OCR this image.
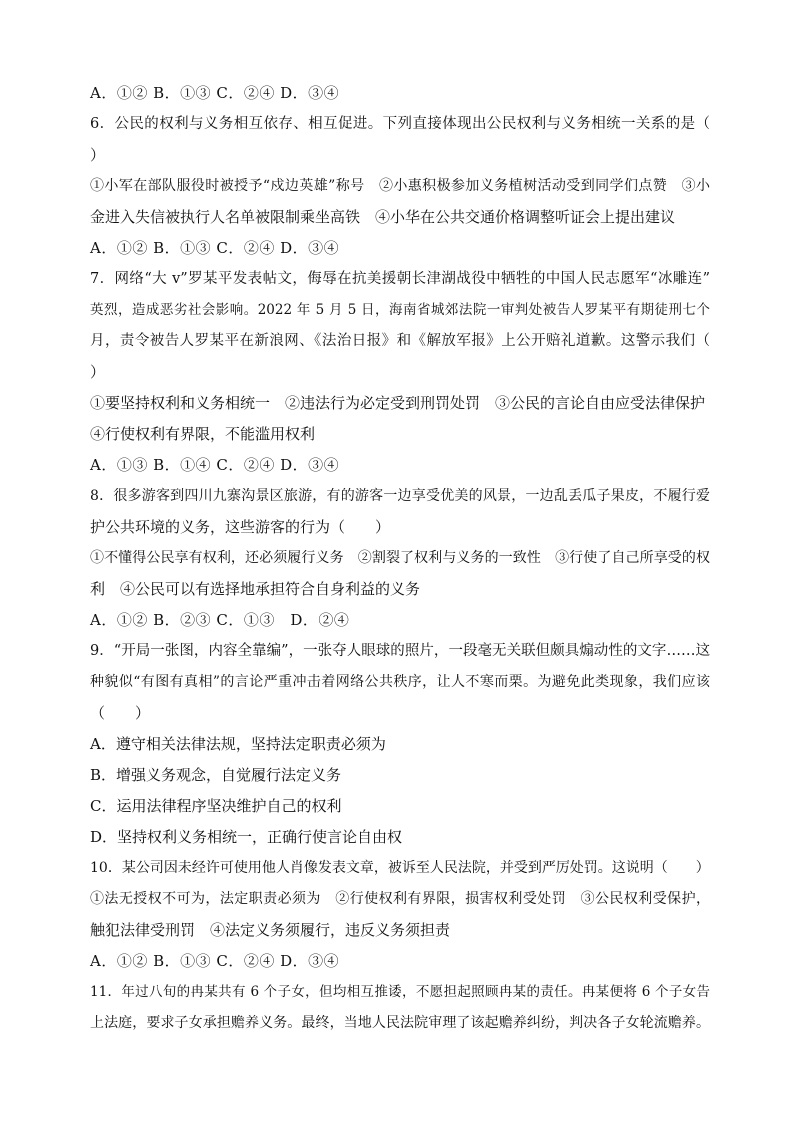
A．①② B．①③ C．②④ D．③④
6．公民的权利与义务相互依存、相互促进。下列直接体现出公民权利与义务相统一关系的是（
）
①小军在部队服役时被授予“戍边英雄”称号　②小惠积极参加义务植树活动受到同学们点赞　③小
金进入失信被执行人名单被限制乘坐高铁　④小华在公共交通价格调整听证会上提出建议
A．①② B．①③ C．②④ D．③④
7．网络“大 v”罗某平发表帖文，侮辱在抗美援朝长津湖战役中牺牲的中国人民志愿军“冰雕连”
英烈，造成恶劣社会影响。2022 年 5 月 5 日，海南省城郊法院一审判处被告人罗某平有期徒刑七个
月，责令被告人罗某平在新浪网、《法治日报》和《解放军报》上公开赔礼道歉。这警示我们（
）
①要坚持权利和义务相统一　②违法行为必定受到刑罚处罚　③公民的言论自由应受法律保护
④行使权利有界限，不能滥用权利
A．①③ B．①④ C．②④ D．③④
8．很多游客到四川九寨沟景区旅游，有的游客一边享受优美的风景，一边乱丢瓜子果皮，不履行爱
护公共环境的义务，这些游客的行为（　　）
①不懂得公民享有权利，还必须履行义务　②割裂了权利与义务的一致性　③行使了自己所享受的权
利　④公民可以有选择地承担符合自身利益的义务
A．①② B．②③ C．①③　D．②④
9．“开局一张图，内容全靠编”，一张夺人眼球的照片，一段毫无关联但颇具煽动性的文字……这
种貌似“有图有真相”的言论严重冲击着网络公共秩序，让人不寒而栗。为避免此类现象，我们应该
（　　）
A．遵守相关法律法规，坚持法定职责必须为
B．增强义务观念，自觉履行法定义务
C．运用法律程序坚决维护自己的权利
D．坚持权利义务相统一，正确行使言论自由权
10．某公司因未经许可使用他人肖像发表文章，被诉至人民法院，并受到严厉处罚。这说明（　　）
①法无授权不可为，法定职责必须为　②行使权利有界限，损害权利受处罚　③公民权利受保护，
触犯法律受刑罚　④法定义务须履行，违反义务须担责
A．①② B．①③ C．②④ D．③④
11．年过八旬的冉某共有 6 个子女，但均相互推诿，不愿担起照顾冉某的责任。冉某便将 6 个子女告
上法庭，要求子女承担赡养义务。最终，当地人民法院审理了该起赡养纠纷，判决各子女轮流赡养。
